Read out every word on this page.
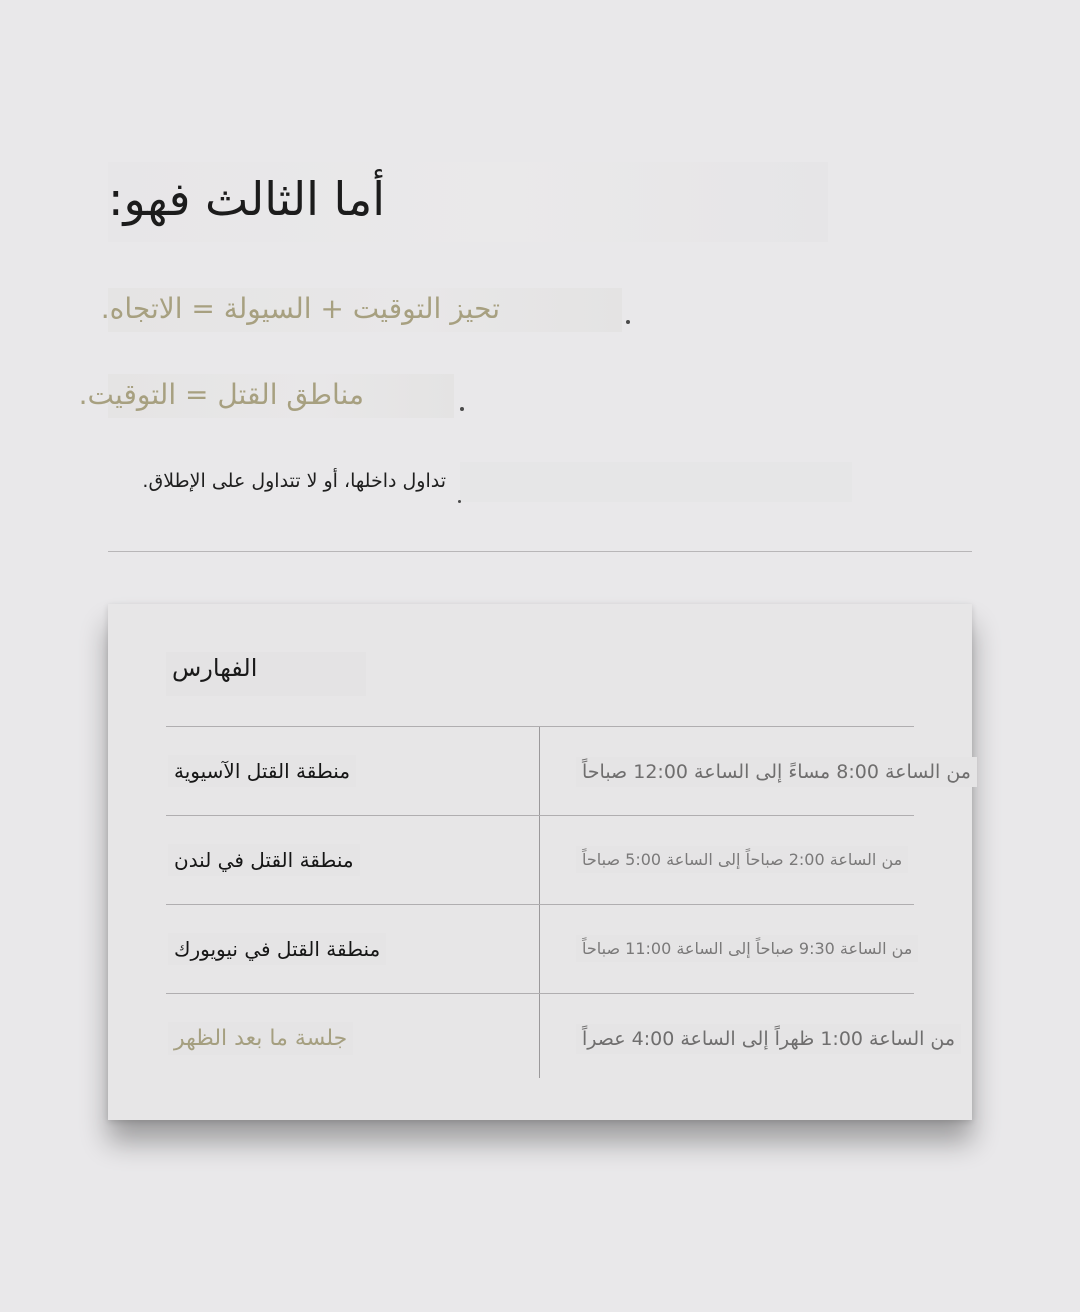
أما الثالث فهو:
تحيز التوقيت + السيولة = الاتجاه.
مناطق القتل = التوقيت.
تداول داخلها، أو لا تتداول على الإطلاق.
الفهارس
منطقة القتل الآسيوية	من الساعة 8:00 مساءً إلى الساعة 12:00 صباحاً
منطقة القتل في لندن	من الساعة 2:00 صباحاً إلى الساعة 5:00 صباحاً
منطقة القتل في نيويورك	من الساعة 9:30 صباحاً إلى الساعة 11:00 صباحاً
جلسة ما بعد الظهر	من الساعة 1:00 ظهراً إلى الساعة 4:00 عصراً
